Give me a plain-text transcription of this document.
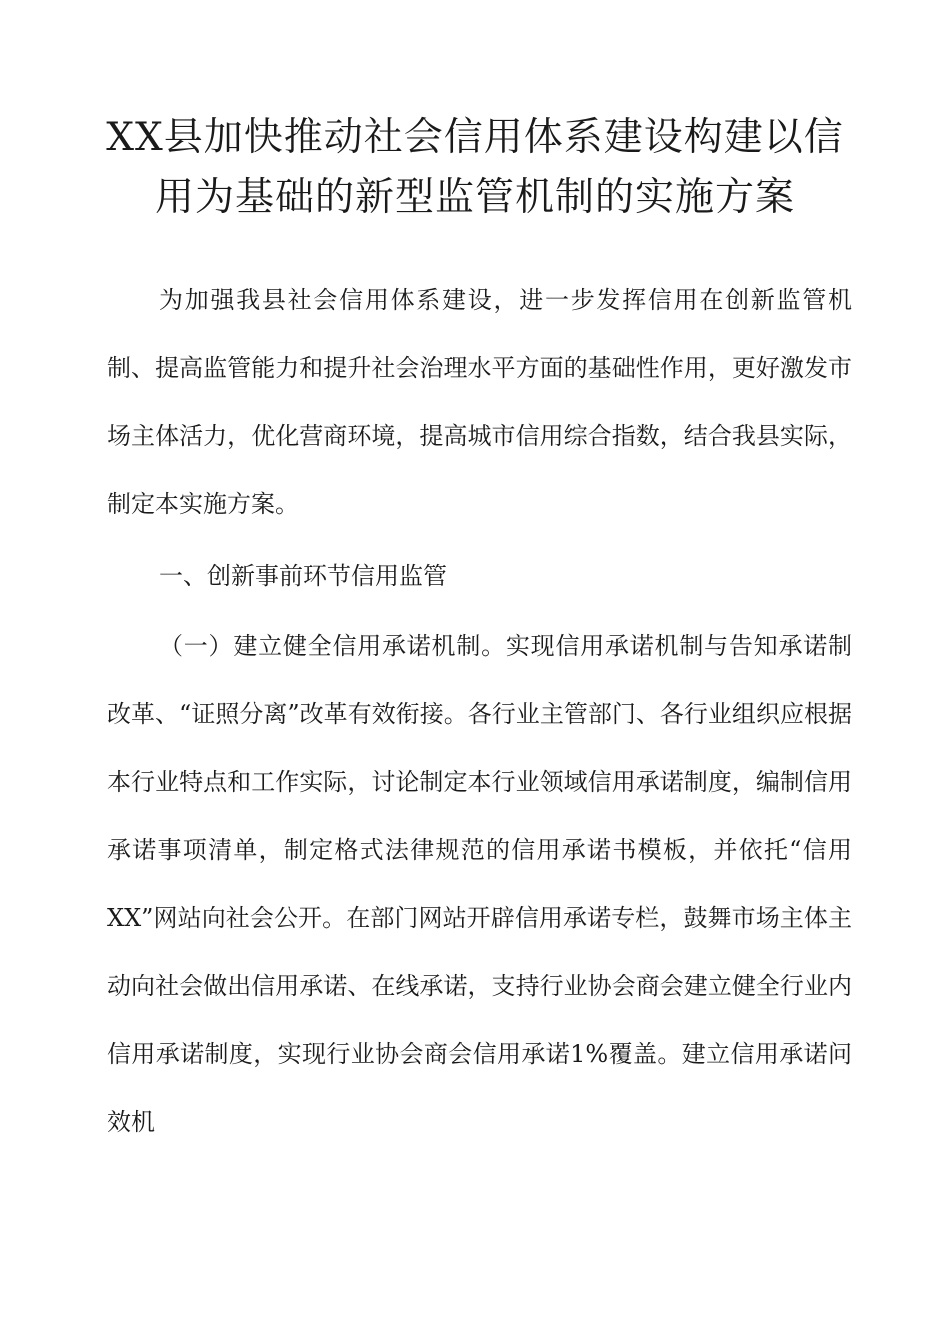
XX县加快推动社会信用体系建设构建以信用为基础的新型监管机制的实施方案

为加强我县社会信用体系建设，进一步发挥信用在创新监管机制、提高监管能力和提升社会治理水平方面的基础性作用，更好激发市场主体活力，优化营商环境，提高城市信用综合指数，结合我县实际，制定本实施方案。

一、创新事前环节信用监管

（一）建立健全信用承诺机制。实现信用承诺机制与告知承诺制改革、“证照分离”改革有效衔接。各行业主管部门、各行业组织应根据本行业特点和工作实际，讨论制定本行业领域信用承诺制度，编制信用承诺事项清单，制定格式法律规范的信用承诺书模板，并依托“信用XX”网站向社会公开。在部门网站开辟信用承诺专栏，鼓舞市场主体主动向社会做出信用承诺、在线承诺，支持行业协会商会建立健全行业内信用承诺制度，实现行业协会商会信用承诺1%覆盖。建立信用承诺问效机
